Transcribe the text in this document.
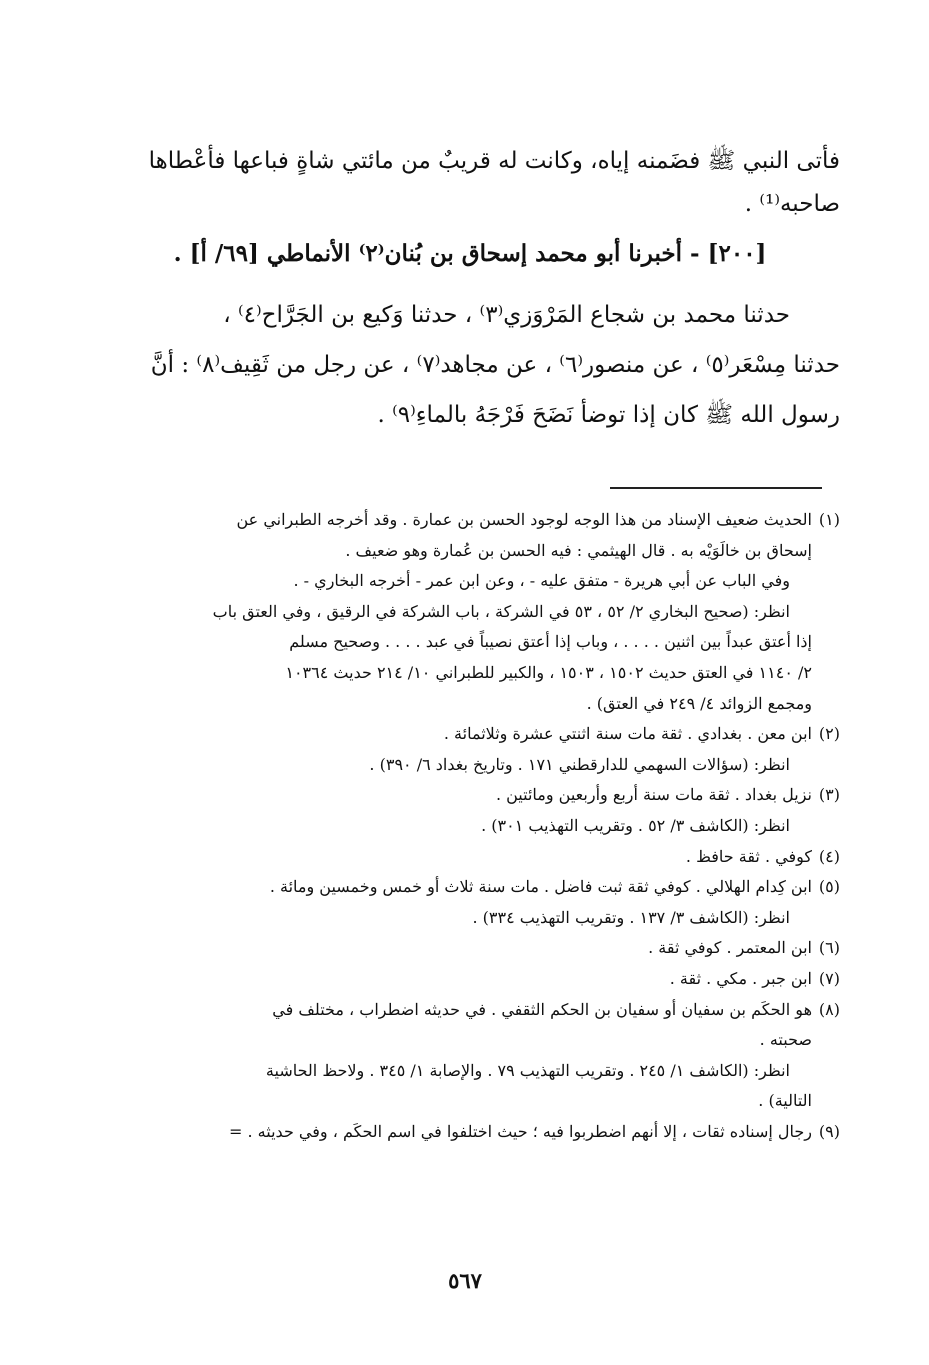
فأتى النبي ﷺ فضَمنه إياه، وكانت له قريبٌ من مائتي شاةٍ فباعها فأعْطاها
صاحبه⁽¹⁾ .
[٢٠٠] - أخبرنا أبو محمد إسحاق بن بُنان⁽٢⁾ الأنماطي [٦٩/ أ] .
حدثنا محمد بن شجاع المَرْوَزي⁽٣⁾ ، حدثنا وَكيع بن الجَرَّاح⁽٤⁾ ،
حدثنا مِسْعَر⁽٥⁾ ، عن منصور⁽٦⁾ ، عن مجاهد⁽٧⁾ ، عن رجل من ثَقِيف⁽٨⁾ : أنَّ
رسول الله ﷺ كان إذا توضأ نَضَحَ فَرْجَهُ بالماءِ⁽٩⁾ .
(١)الحديث ضعيف الإسناد من هذا الوجه لوجود الحسن بن عمارة . وقد أخرجه الطبراني عن
إسحاق بن خالَوَيْه به . قال الهيثمي : فيه الحسن بن عُمارة وهو ضعيف .
وفي الباب عن أبي هريرة - متفق عليه - ، وعن ابن عمر - أخرجه البخاري - .
انظر: (صحيح البخاري ٢/ ٥٢ ، ٥٣ في الشركة ، باب الشركة في الرقيق ، وفي العتق باب
إذا أعتق عبداً بين اثنين . . . . ، وباب إذا أعتق نصيباً في عبد . . . . وصحيح مسلم
٢/ ١١٤٠ في العتق حديث ١٥٠٢ ، ١٥٠٣ ، والكبير للطبراني ١٠/ ٢١٤ حديث ١٠٣٦٤
ومجمع الزوائد ٤/ ٢٤٩ في العتق) .
(٢)ابن معن . بغدادي . ثقة مات سنة اثنتي عشرة وثلاثمائة .
انظر: (سؤالات السهمي للدارقطني ١٧١ . وتاريخ بغداد ٦/ ٣٩٠) .
(٣)نزيل بغداد . ثقة مات سنة أربع وأربعين ومائتين .
انظر: (الكاشف ٣/ ٥٢ . وتقريب التهذيب ٣٠١) .
(٤)كوفي . ثقة حافظ .
(٥)ابن كِدام الهلالي . كوفي ثقة ثبت فاضل . مات سنة ثلاث أو خمس وخمسين ومائة .
انظر: (الكاشف ٣/ ١٣٧ . وتقريب التهذيب ٣٣٤) .
(٦)ابن المعتمر . كوفي ثقة .
(٧)ابن جبر . مكي . ثقة .
(٨)هو الحكَم بن سفيان أو سفيان بن الحكم الثقفي . في حديثه اضطراب ، مختلف في
صحبته .
انظر: (الكاشف ١/ ٢٤٥ . وتقريب التهذيب ٧٩ . والإصابة ١/ ٣٤٥ . ولاحظ الحاشية
التالية) .
(٩)رجال إسناده ثقات ، إلا أنهم اضطربوا فيه ؛ حيث اختلفوا في اسم الحكَم ، وفي حديثه . =
٥٦٧
